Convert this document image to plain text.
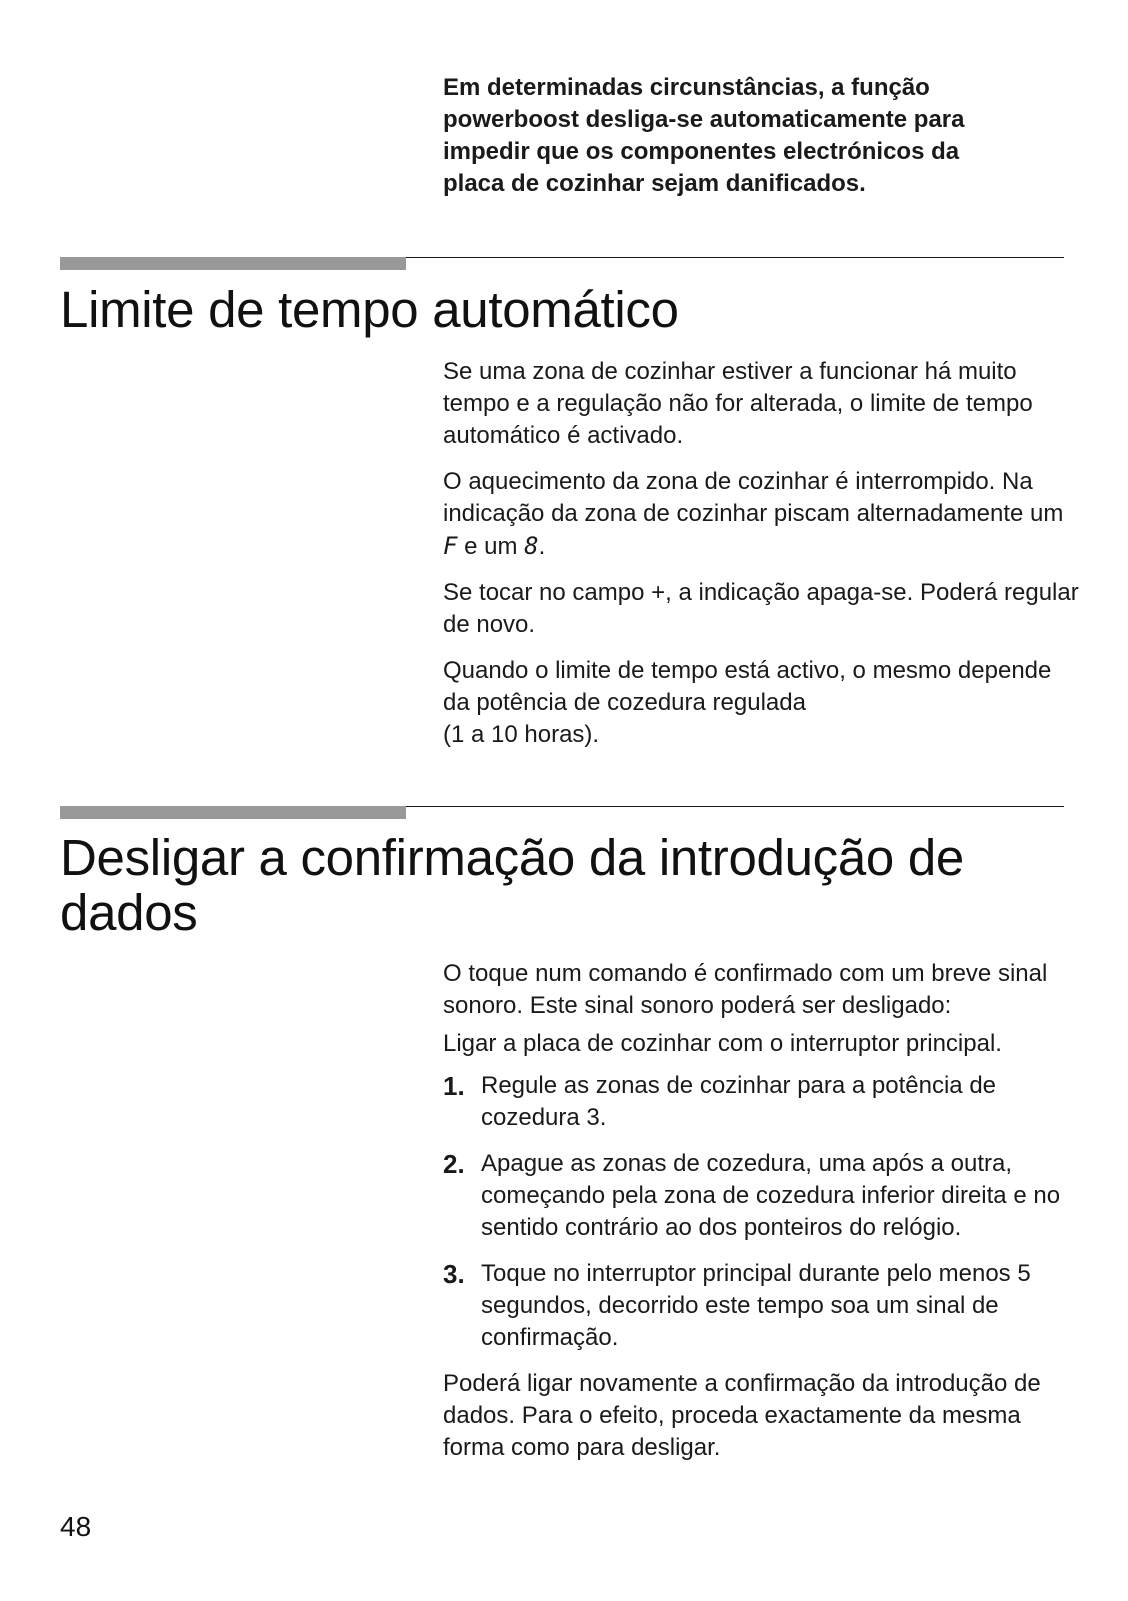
Em determinadas circunstâncias, a função
powerboost desliga-se automaticamente para
impedir que os componentes electrónicos da
placa de cozinhar sejam danificados.
Limite de tempo automático

Se uma zona de cozinhar estiver a funcionar há muito tempo e a regulação não for alterada, o limite de tempo automático é activado.

O aquecimento da zona de cozinhar é interrompido. Na indicação da zona de cozinhar piscam alternadamente um F e um 8.

Se tocar no campo +, a indicação apaga-se. Poderá regular de novo.

Quando o limite de tempo está activo, o mesmo depende da potência de cozedura regulada
(1 a 10 horas).

Desligar a confirmação da introdução de
dados

O toque num comando é confirmado com um breve sinal sonoro. Este sinal sonoro poderá ser desligado:

Ligar a placa de cozinhar com o interruptor principal.

1. Regule as zonas de cozinhar para a potência de cozedura 3.
2. Apague as zonas de cozedura, uma após a outra, começando pela zona de cozedura inferior direita e no sentido contrário ao dos ponteiros do relógio.
3. Toque no interruptor principal durante pelo menos 5 segundos, decorrido este tempo soa um sinal de confirmação.

Poderá ligar novamente a confirmação da introdução de dados. Para o efeito, proceda exactamente da mesma forma como para desligar.

48
